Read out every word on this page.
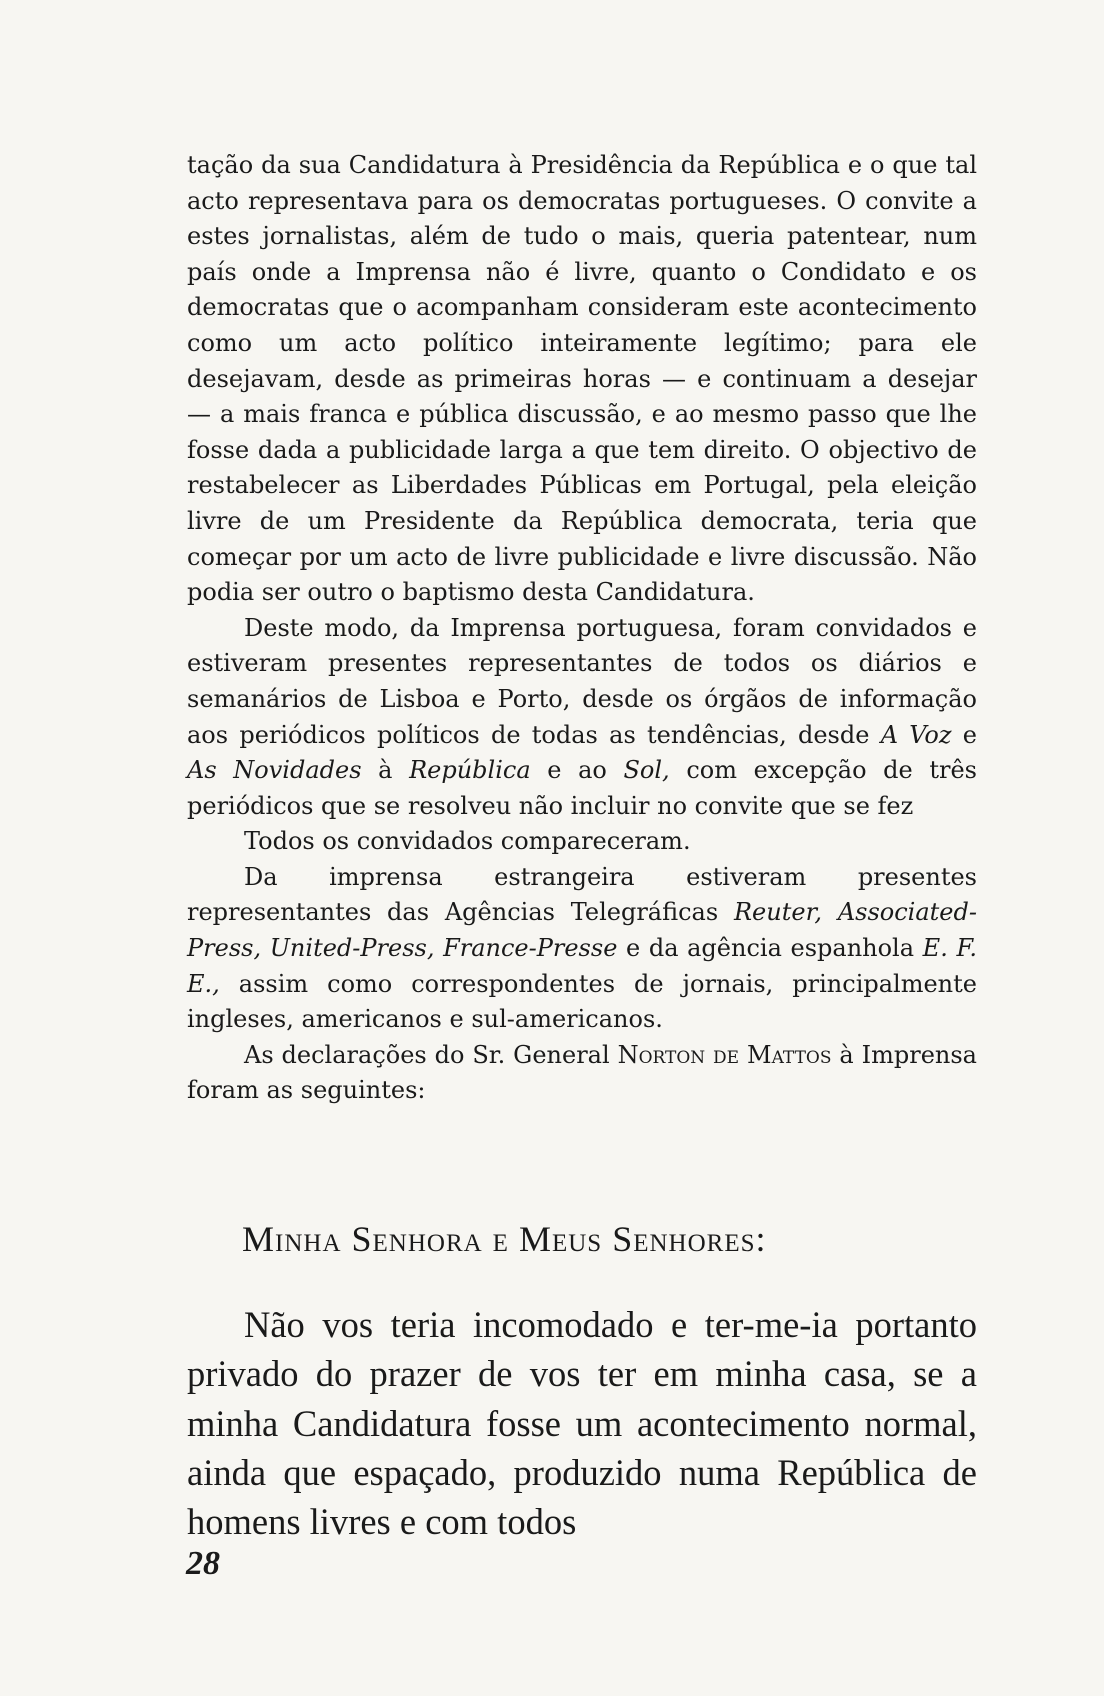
tação da sua Candidatura à Presidência da República e o que tal acto representava para os democratas portugueses. O convite a estes jornalistas, além de tudo o mais, queria patentear, num país onde a Imprensa não é livre, quanto o Condidato e os democratas que o acompanham consideram este acontecimento como um acto político inteiramente legítimo; para ele desejavam, desde as primeiras horas — e continuam a desejar — a mais franca e pública discussão, e ao mesmo passo que lhe fosse dada a publicidade larga a que tem direito. O objectivo de restabelecer as Liberdades Públicas em Portugal, pela eleição livre de um Presidente da República democrata, teria que começar por um acto de livre publicidade e livre discussão. Não podia ser outro o baptismo desta Candidatura.

Deste modo, da Imprensa portuguesa, foram convidados e estiveram presentes representantes de todos os diários e semanários de Lisboa e Porto, desde os órgãos de informação aos periódicos políticos de todas as tendências, desde A Voz e As Novidades à República e ao Sol, com excepção de três periódicos que se resolveu não incluir no convite que se fez

Todos os convidados compareceram.

Da imprensa estrangeira estiveram presentes representantes das Agências Telegráficas Reuter, Associated-Press, United-Press, France-Presse e da agência espanhola E. F. E., assim como correspondentes de jornais, principalmente ingleses, americanos e sul-americanos.

As declarações do Sr. General Norton de Mattos à Imprensa foram as seguintes:

Minha Senhora e Meus Senhores:

Não vos teria incomodado e ter-me-ia portanto privado do prazer de vos ter em minha casa, se a minha Candidatura fosse um acontecimento normal, ainda que espaçado, produzido numa República de homens livres e com todos

28
